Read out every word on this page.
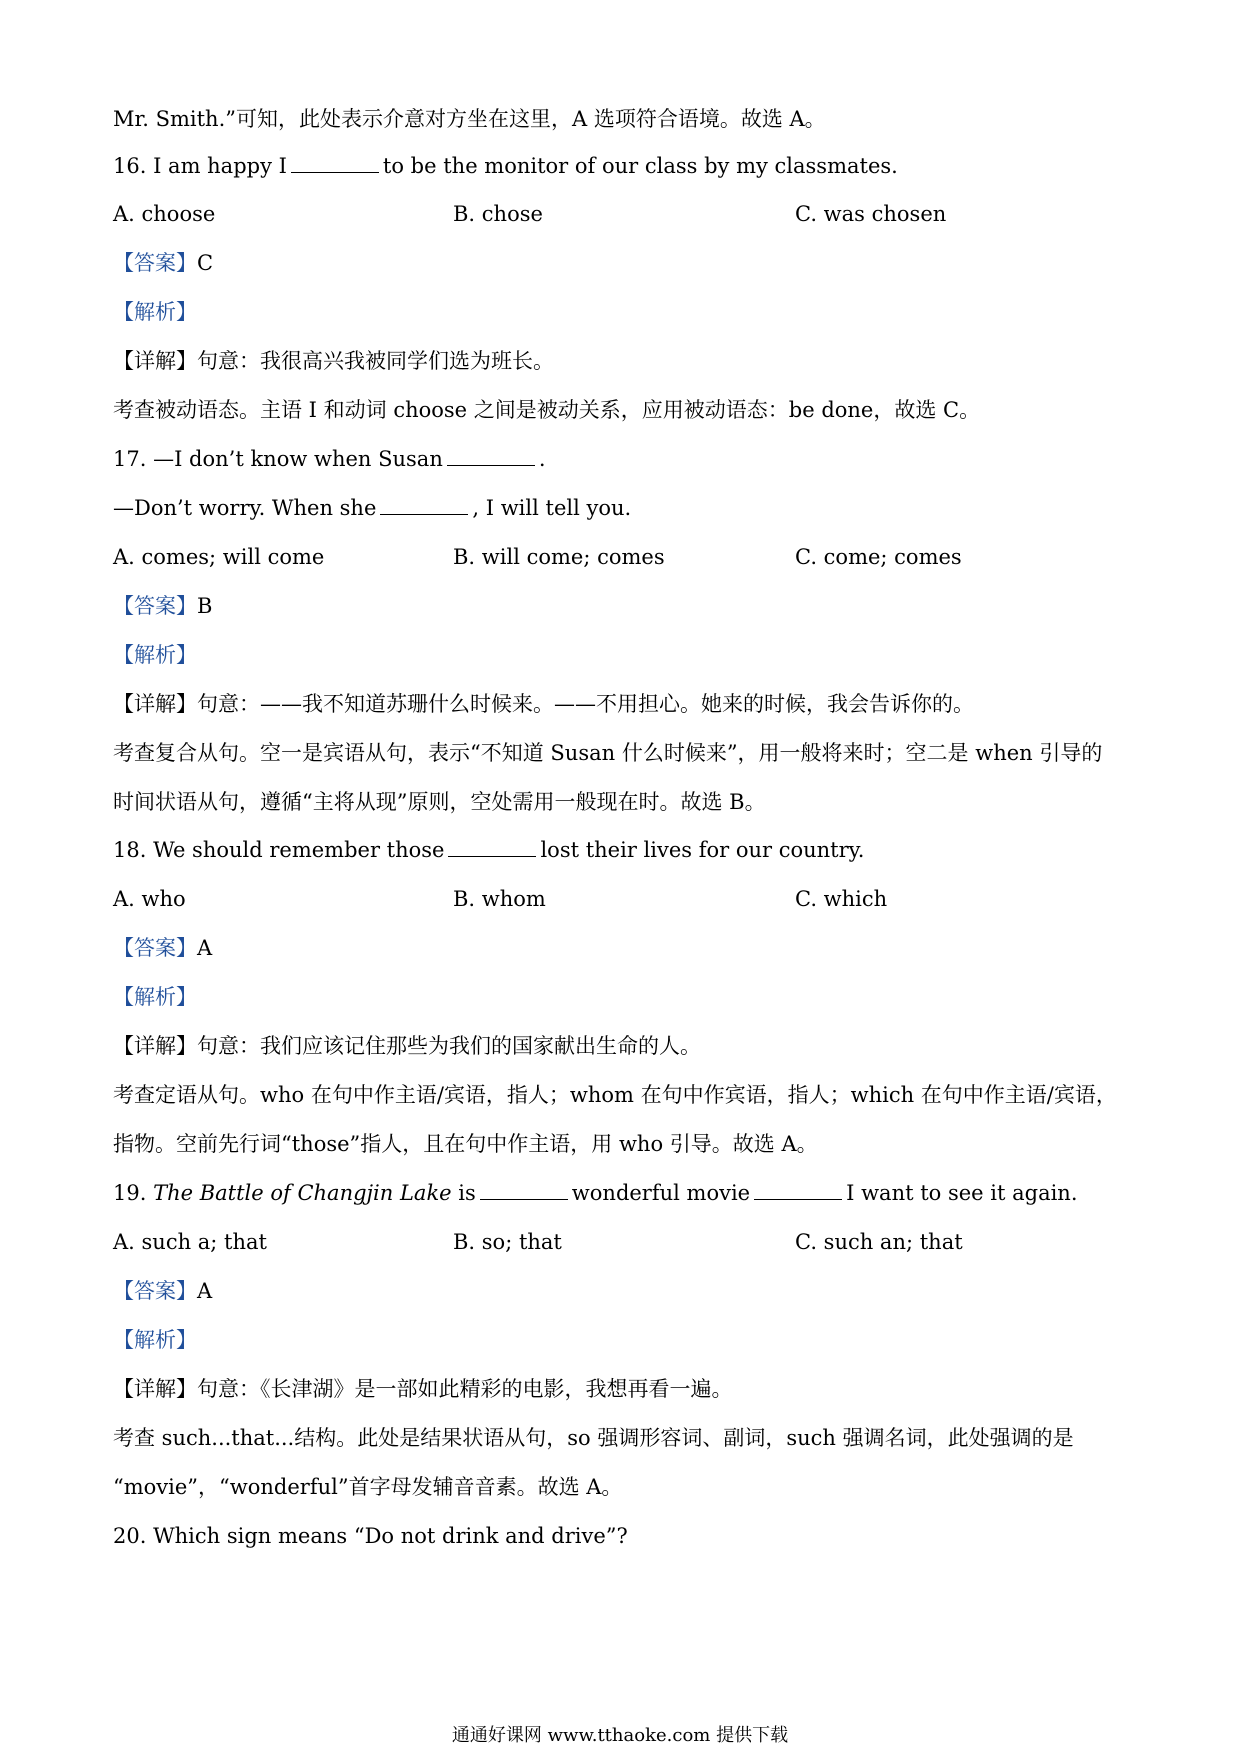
Mr. Smith.”可知，此处表示介意对方坐在这里，A 选项符合语境。故选 A。
16. I am happy I	to be the monitor of our class by my classmates.
A. choose	B. chose	C. was chosen
【答案】C
【解析】
【详解】句意：我很高兴我被同学们选为班长。
考查被动语态。主语 I 和动词 choose 之间是被动关系，应用被动语态：be done，故选 C。
17. —I don’t know when Susan	.
—Don’t worry. When she	, I will tell you.
A. comes; will come	B. will come; comes	C. come; comes
【答案】B
【解析】
【详解】句意：——我不知道苏珊什么时候来。——不用担心。她来的时候，我会告诉你的。
考查复合从句。空一是宾语从句，表示“不知道 Susan 什么时候来”，用一般将来时；空二是 when 引导的
时间状语从句，遵循“主将从现”原则，空处需用一般现在时。故选 B。
18. We should remember those	lost their lives for our country.
A. who	B. whom	C. which
【答案】A
【解析】
【详解】句意：我们应该记住那些为我们的国家献出生命的人。
考查定语从句。who 在句中作主语/宾语，指人；whom 在句中作宾语，指人；which 在句中作主语/宾语，
指物。空前先行词“those”指人，且在句中作主语，用 who 引导。故选 A。
19. The Battle of Changjin Lake is	wonderful movie	I want to see it again.
A. such a; that	B. so; that	C. such an; that
【答案】A
【解析】
【详解】句意：《长津湖》是一部如此精彩的电影，我想再看一遍。
考查 such...that...结构。此处是结果状语从句，so 强调形容词、副词，such 强调名词，此处强调的是
“movie”，“wonderful”首字母发辅音音素。故选 A。
20. Which sign means “Do not drink and drive”?
通通好课网 www.tthaoke.com 提供下载
